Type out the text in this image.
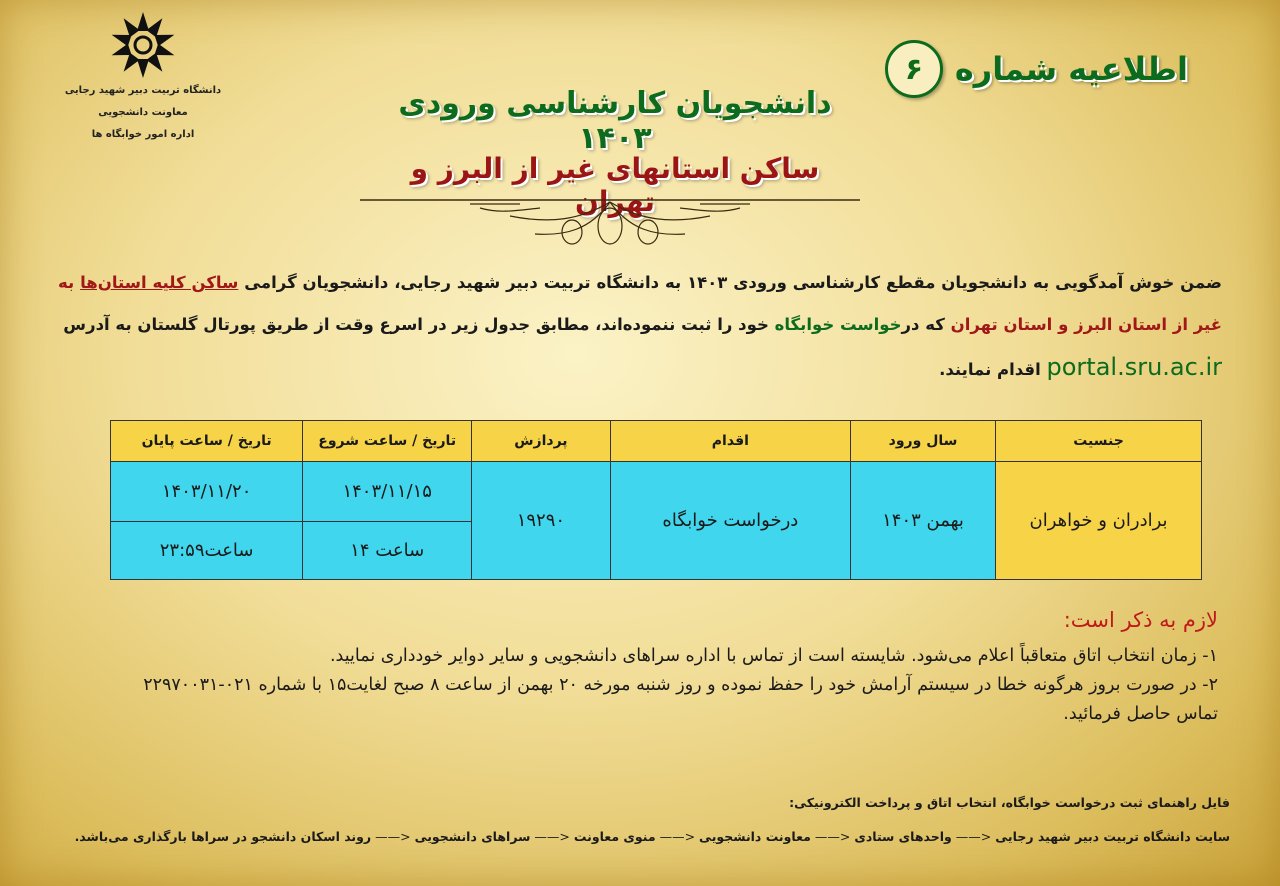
دانشگاه تربیت دبیر شهید رجایی
معاونت دانشجویی
اداره امور خوابگاه ها
اطلاعیه شماره
۶
دانشجویان کارشناسی ورودی ۱۴۰۳
ساکن استانهای غیر از البرز و تهران
ضمن خوش آمدگویی به دانشجویان مقطع کارشناسی ورودی ۱۴۰۳ به دانشگاه تربیت دبیر شهید رجایی، دانشجویان گرامی ساکن کلیه استان‌ها به غیر از استان البرز و استان تهران که درخواست خوابگاه خود را ثبت ننموده‌اند، مطابق جدول زیر در اسرع وقت از طریق پورتال گلستان به آدرس
portal.sru.ac.ir اقدام نمایند.
جنسیت	سال ورود	اقدام	پردازش	تاریخ / ساعت شروع	تاریخ / ساعت پایان
برادران و خواهران	بهمن ۱۴۰۳	درخواست خوابگاه	۱۹۲۹۰	۱۴۰۳/۱۱/۱۵	۱۴۰۳/۱۱/۲۰
				ساعت ۱۴	ساعت۲۳:۵۹
لازم به ذکر است:
۱- زمان انتخاب اتاق متعاقباً اعلام می‌شود. شایسته است از تماس با اداره سراهای دانشجویی و سایر دوایر خودداری نمایید.
۲- در صورت بروز هرگونه خطا در سیستم آرامش خود را حفظ نموده و روز شنبه مورخه ۲۰ بهمن از ساعت ۸ صبح لغایت۱۵ با شماره ۰۲۱-۲۲۹۷۰۰۳۱ تماس حاصل فرمائید.
فایل راهنمای ثبت درخواست خوابگاه، انتخاب اتاق و پرداخت الکترونیکی:
سایت دانشگاه تربیت دبیر شهید رجایی
<——
واحدهای ستادی
<——
معاونت دانشجویی
<——
منوی معاونت
<——
سراهای دانشجویی
<——
روند اسکان دانشجو در سراها بارگذاری می‌باشد.
